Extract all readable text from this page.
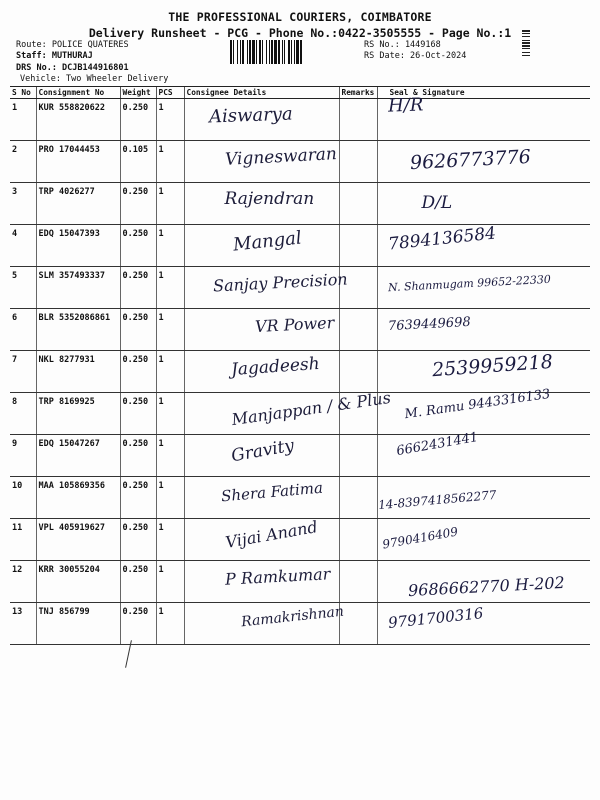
THE PROFESSIONAL COURIERS, COIMBATORE
Delivery Runsheet - PCG - Phone No.:0422-3505555 - Page No.:1
Route: POLICE QUATERES
Staff: MUTHURAJ
DRS No.: DCJB144916801
Vehicle: Two Wheeler Delivery
RS No.: 1449168
RS Date: 26-Oct-2024
S No	Consignment No	Weight	PCS	Consignee Details	Remarks	Seal & Signature
1	KUR 558820622	0.250	1	Aiswarya		H/R

2	PRO 17044453	0.105	1	Vigneswaran		9626773776

3	TRP 4026277	0.250	1	Rajendran		D/L

4	EDQ 15047393	0.250	1	Mangal		7894136584

5	SLM 357493337	0.250	1	Sanjay Precision		N. Shanmugam 99652-22330

6	BLR 5352086861	0.250	1	VR Power		7639449698

7	NKL 8277931	0.250	1	Jagadeesh		2539959218

8	TRP 8169925	0.250	1	Manjappan / & Plus		M. Ramu 9443316133

9	EDQ 15047267	0.250	1	Gravity		6662431441

10	MAA 105869356	0.250	1	Shera Fatima		14-8397418562277

11	VPL 405919627	0.250	1	Vijai Anand		9790416409

12	KRR 30055204	0.250	1	P Ramkumar		9686662770 H-202

13	TNJ 856799	0.250	1	Ramakrishnan		9791700316
